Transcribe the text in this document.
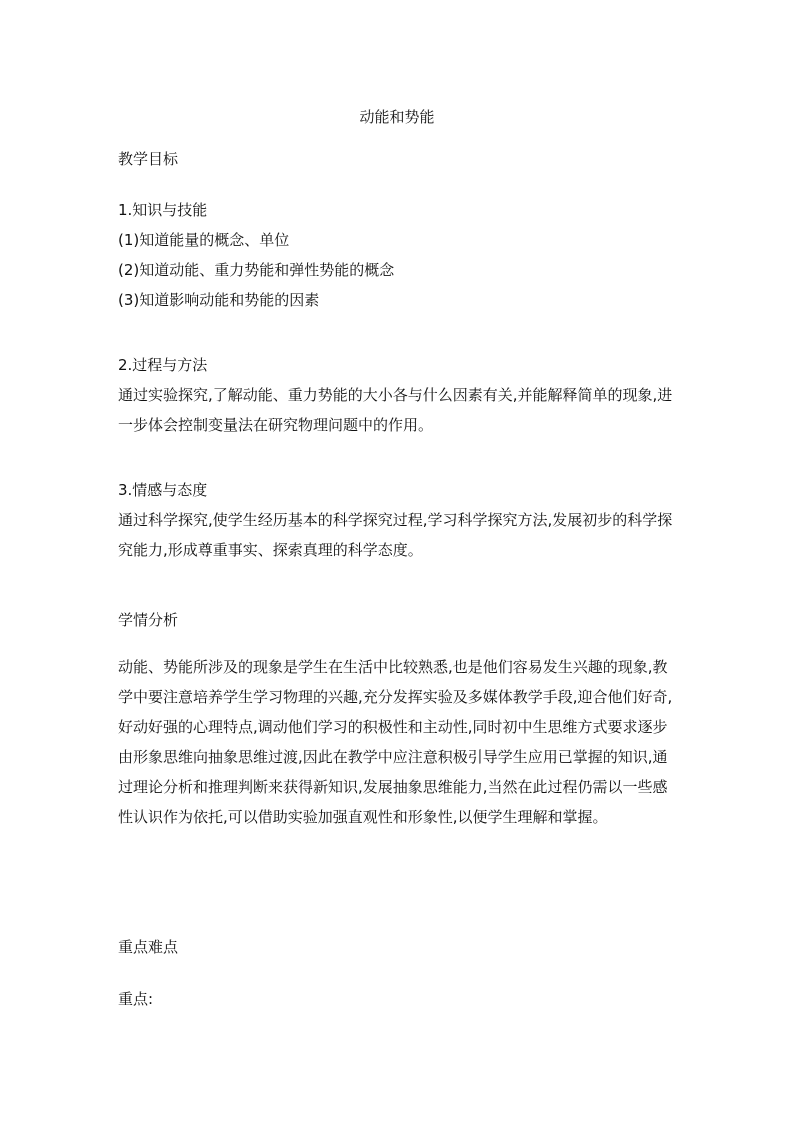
动能和势能
教学目标
1.知识与技能
(1)知道能量的概念、单位
(2)知道动能、重力势能和弹性势能的概念
(3)知道影响动能和势能的因素
2.过程与方法
通过实验探究,了解动能、重力势能的大小各与什么因素有关,并能解释简单的现象,进一步体会控制变量法在研究物理问题中的作用。
3.情感与态度
通过科学探究,使学生经历基本的科学探究过程,学习科学探究方法,发展初步的科学探究能力,形成尊重事实、探索真理的科学态度。
学情分析
动能、势能所涉及的现象是学生在生活中比较熟悉,也是他们容易发生兴趣的现象,教学中要注意培养学生学习物理的兴趣,充分发挥实验及多媒体教学手段,迎合他们好奇,好动好强的心理特点,调动他们学习的积极性和主动性,同时初中生思维方式要求逐步由形象思维向抽象思维过渡,因此在教学中应注意积极引导学生应用已掌握的知识,通过理论分析和推理判断来获得新知识,发展抽象思维能力,当然在此过程仍需以一些感性认识作为依托,可以借助实验加强直观性和形象性,以便学生理解和掌握。
重点难点
重点:
